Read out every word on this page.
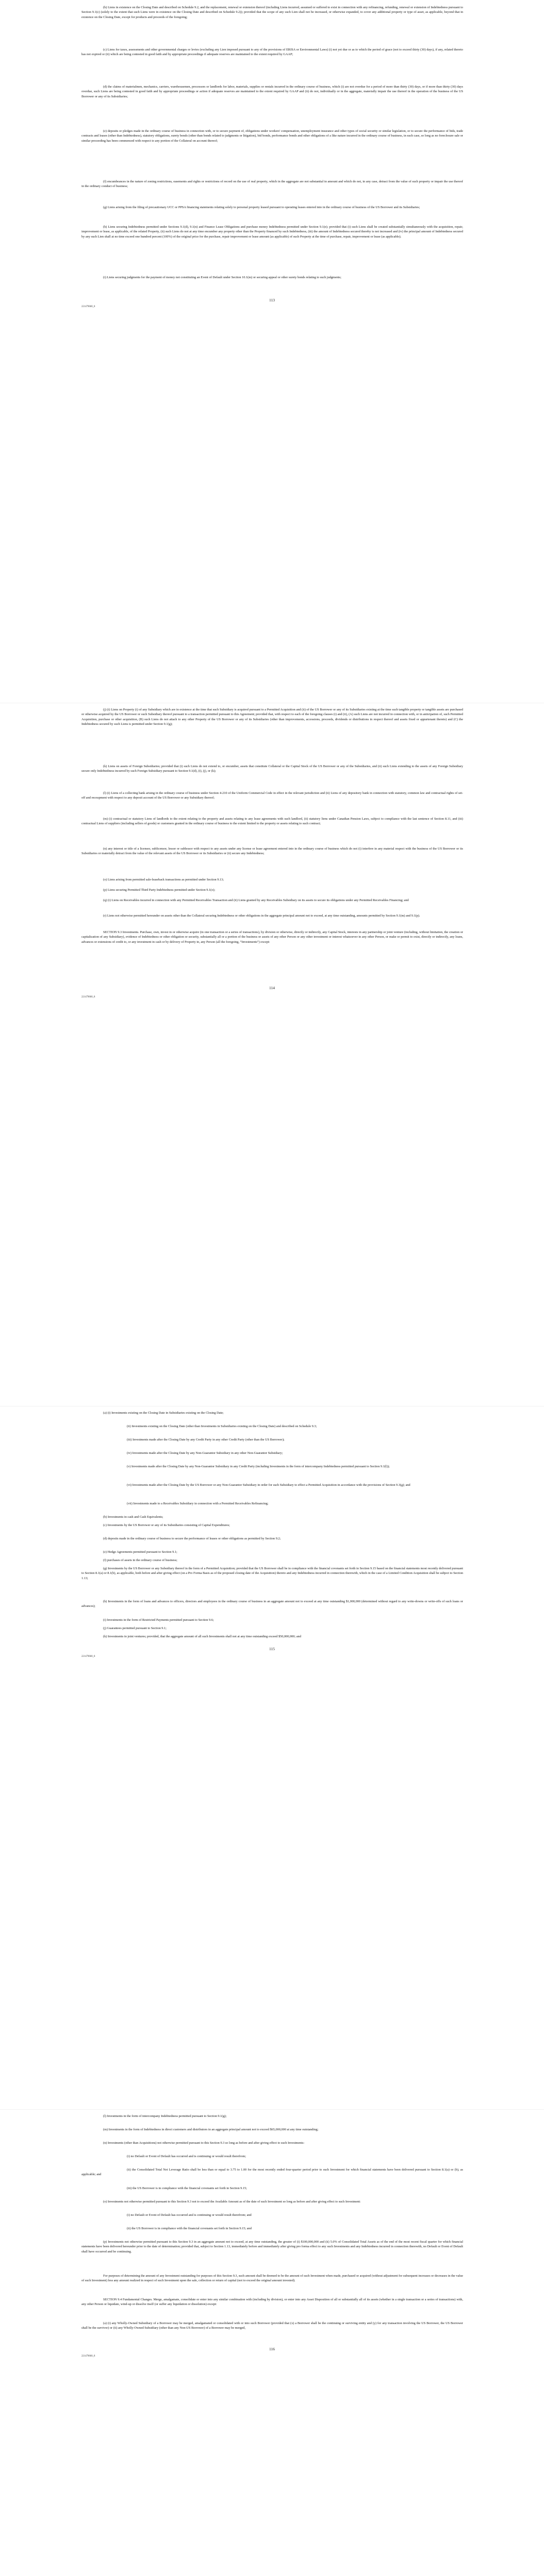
(b) Liens in existence on the Closing Date and described on Schedule 9.2, and the replacement, renewal or extension thereof (including Liens incurred, assumed or suffered to exist in connection with any refinancing, refunding, renewal or extension of Indebtedness pursuant to Section 9.1(c) (solely to the extent that such Liens were in existence on the Closing Date and described on Schedule 9.2)); provided that the scope of any such Lien shall not be increased, or otherwise expanded, to cover any additional property or type of asset, as applicable, beyond that in existence on the Closing Date, except for products and proceeds of the foregoing;
(c) Liens for taxes, assessments and other governmental charges or levies (excluding any Lien imposed pursuant to any of the provisions of ERISA or Environmental Laws) (i) not yet due or as to which the period of grace (not to exceed thirty (30) days), if any, related thereto has not expired or (ii) which are being contested in good faith and by appropriate proceedings if adequate reserves are maintained to the extent required by GAAP;
(d) the claims of materialmen, mechanics, carriers, warehousemen, processors or landlords for labor, materials, supplies or rentals incurred in the ordinary course of business, which (i) are not overdue for a period of more than thirty (30) days, or if more than thirty (30) days overdue, such Liens are being contested in good faith and by appropriate proceedings or action if adequate reserves are maintained to the extent required by GAAP and (ii) do not, individually or in the aggregate, materially impair the use thereof in the operation of the business of the US Borrower or any of its Subsidiaries;
(e) deposits or pledges made in the ordinary course of business in connection with, or to secure payment of, obligations under workers' compensation, unemployment insurance and other types of social security or similar legislation, or to secure the performance of bids, trade contracts and leases (other than Indebtedness), statutory obligations, surety bonds (other than bonds related to judgments or litigation), bid bonds, performance bonds and other obligations of a like nature incurred in the ordinary course of business, in each case, so long as no foreclosure sale or similar proceeding has been commenced with respect to any portion of the Collateral on account thereof;
(f) encumbrances in the nature of zoning restrictions, easements and rights or restrictions of record on the use of real property, which in the aggregate are not substantial in amount and which do not, in any case, detract from the value of such property or impair the use thereof in the ordinary conduct of business;
(g) Liens arising from the filing of precautionary UCC or PPSA financing statements relating solely to personal property leased pursuant to operating leases entered into in the ordinary course of business of the US Borrower and its Subsidiaries;
(h) Liens securing Indebtedness permitted under Sections 9.1(d), 9.1(n) and Finance Lease Obligations and purchase money Indebtedness permitted under Section 9.1(e); provided that (i) such Liens shall be created substantially simultaneously with the acquisition, repair, improvement or lease, as applicable, of the related Property, (ii) such Liens do not at any time encumber any property other than the Property financed by such Indebtedness, (iii) the amount of Indebtedness secured thereby is not increased and (iv) the principal amount of Indebtedness secured by any such Lien shall at no time exceed one hundred percent (100%) of the original price for the purchase, repair improvement or lease amount (as applicable) of such Property at the time of purchase, repair, improvement or lease (as applicable);
(i) Liens securing judgments for the payment of money not constituting an Event of Default under Section 10.1(m) or securing appeal or other surety bonds relating to such judgments;
113
221479600_8
(j) (i) Liens on Property (i) of any Subsidiary which are in existence at the time that such Subsidiary is acquired pursuant to a Permitted Acquisition and (ii) of the US Borrower or any of its Subsidiaries existing at the time such tangible property or tangible assets are purchased or otherwise acquired by the US Borrower or such Subsidiary thereof pursuant to a transaction permitted pursuant to this Agreement; provided that, with respect to each of the foregoing clauses (i) and (ii), (A) such Liens are not incurred in connection with, or in anticipation of, such Permitted Acquisition, purchase or other acquisition, (B) such Liens do not attach to any other Property of the US Borrower or any of its Subsidiaries (other than improvements, accessions, proceeds, dividends or distributions in respect thereof and assets fixed or appurtenant thereto) and (C) the Indebtedness secured by such Liens is permitted under Section 9.1(g);
(k) Liens on assets of Foreign Subsidiaries; provided that (i) such Liens do not extend to, or encumber, assets that constitute Collateral or the Capital Stock of the US Borrower or any of the Subsidiaries, and (ii) such Liens extending to the assets of any Foreign Subsidiary secure only Indebtedness incurred by such Foreign Subsidiary pursuant to Section 9.1(d), (i), (j), or (k);
(l) (i) Liens of a collecting bank arising in the ordinary course of business under Section 4-210 of the Uniform Commercial Code in effect in the relevant jurisdiction and (ii) Liens of any depository bank in connection with statutory, common law and contractual rights of set-off and recoupment with respect to any deposit account of the US Borrower or any Subsidiary thereof;
(m) (i) contractual or statutory Liens of landlords to the extent relating to the property and assets relating to any lease agreements with such landlord, (ii) statutory liens under Canadian Pension Laws, subject to compliance with the last sentence of Section 8.11, and (iii) contractual Liens of suppliers (including sellers of goods) or customers granted in the ordinary course of business to the extent limited to the property or assets relating to such contract;
(n) any interest or title of a licensor, sublicensor, lessor or sublessor with respect to any assets under any license or lease agreement entered into in the ordinary course of business which do not (i) interfere in any material respect with the business of the US Borrower or its Subsidiaries or materially detract from the value of the relevant assets of the US Borrower or its Subsidiaries or (ii) secure any Indebtedness;
(o) Liens arising from permitted sale-leaseback transactions as permitted under Section 9.13;
(p) Liens securing Permitted Third Party Indebtedness permitted under Section 9.1(o);
(q) (i) Liens on Receivables incurred in connection with any Permitted Receivables Transaction and (ii) Liens granted by any Receivables Subsidiary on its assets to secure its obligations under any Permitted Receivables Financing; and
(r) Liens not otherwise permitted hereunder on assets other than the Collateral securing Indebtedness or other obligations in the aggregate principal amount not to exceed, at any time outstanding, amounts permitted by Section 9.1(m) and 9.1(p).
SECTION 9.3 Investments. Purchase, own, invest in or otherwise acquire (in one transaction or a series of transactions), by division or otherwise, directly or indirectly, any Capital Stock, interests in any partnership or joint venture (including, without limitation, the creation or capitalization of any Subsidiary), evidence of Indebtedness or other obligation or security, substantially all or a portion of the business or assets of any other Person or any other investment or interest whatsoever in any other Person, or make or permit to exist, directly or indirectly, any loans, advances or extensions of credit to, or any investment in cash or by delivery of Property in, any Person (all the foregoing, “Investments”) except:
114
221479600_8
(a) (i) Investments existing on the Closing Date in Subsidiaries existing on the Closing Date;
(ii) Investments existing on the Closing Date (other than Investments in Subsidiaries existing on the Closing Date) and described on Schedule 9.3;
(iii) Investments made after the Closing Date by any Credit Party in any other Credit Party (other than the US Borrower);
(iv) Investments made after the Closing Date by any Non-Guarantor Subsidiary in any other Non-Guarantor Subsidiary;
(v) Investments made after the Closing Date by any Non-Guarantor Subsidiary in any Credit Party (including Investments in the form of intercompany Indebtedness permitted pursuant to Section 9.1(l));
(vi) Investments made after the Closing Date by the US Borrower or any Non-Guarantor Subsidiary in order for such Subsidiary to effect a Permitted Acquisition in accordance with the provisions of Section 9.3(g); and
(vii) Investments made to a Receivables Subsidiary in connection with a Permitted Receivables Refinancing;
(b) Investments in cash and Cash Equivalents;
(c) Investments by the US Borrower or any of its Subsidiaries consisting of Capital Expenditures;
(d) deposits made in the ordinary course of business to secure the performance of leases or other obligations as permitted by Section 9.2;
(e) Hedge Agreements permitted pursuant to Section 9.1;
(f) purchases of assets in the ordinary course of business;
(g) Investments by the US Borrower or any Subsidiary thereof in the form of a Permitted Acquisition; provided that the US Borrower shall be in compliance with the financial covenants set forth in Section 9.15 based on the financial statements most recently delivered pursuant to Section 8.1(a) or 8.1(b), as applicable, both before and after giving effect (on a Pro Forma Basis as of the proposed closing date of the Acquisition) thereto and any Indebtedness incurred in connection therewith, which in the case of a Limited Condition Acquisition shall be subject to Section 1.13;
(h) Investments in the form of loans and advances to officers, directors and employees in the ordinary course of business in an aggregate amount not to exceed at any time outstanding $1,000,000 (determined without regard to any write-downs or write-offs of such loans or advances);
(i) Investments in the form of Restricted Payments permitted pursuant to Section 9.6;
(j) Guarantees permitted pursuant to Section 9.1;
(k) Investments in joint ventures; provided, that the aggregate amount of all such Investments shall not at any time outstanding exceed $50,000,000; and
115
221479600_8
(l) Investments in the form of intercompany Indebtedness permitted pursuant to Section 9.1(g);
(m) Investments in the form of Indebtedness in direct customers and distributors in an aggregate principal amount not to exceed $65,000,000 at any time outstanding;
(n) Investments (other than Acquisitions) not otherwise permitted pursuant to this Section 9.3 so long as before and after giving effect to such Investments:
(i) no Default or Event of Default has occurred and is continuing or would result therefrom;
(ii) the Consolidated Total Net Leverage Ratio shall be less than or equal to 3.75 to 1.00 for the most recently ended four-quarter period prior to such Investment for which financial statements have been delivered pursuant to Section 8.1(a) or (b), as applicable; and
(iii) the US Borrower is in compliance with the financial covenants set forth in Section 9.15;
(o) Investments not otherwise permitted pursuant to this Section 9.3 not to exceed the Available Amount as of the date of such Investment so long as before and after giving effect to such Investment:
(i) no Default or Event of Default has occurred and is continuing or would result therefrom; and
(ii) the US Borrower is in compliance with the financial covenants set forth in Section 9.15; and
(p) Investments not otherwise permitted pursuant to this Section 9.3 in an aggregate amount not to exceed, at any time outstanding, the greater of (i) $100,000,000 and (ii) 5.0% of Consolidated Total Assets as of the end of the most recent fiscal quarter for which financial statements have been delivered hereunder prior to the date of determination; provided that, subject to Section 1.13, immediately before and immediately after giving pro forma effect to any such Investments and any Indebtedness incurred in connection therewith, no Default or Event of Default shall have occurred and be continuing.
For purposes of determining the amount of any Investment outstanding for purposes of this Section 9.3, such amount shall be deemed to be the amount of such Investment when made, purchased or acquired (without adjustment for subsequent increases or decreases in the value of such Investment) less any amount realized in respect of such Investment upon the sale, collection or return of capital (not to exceed the original amount invested).
SECTION 9.4 Fundamental Changes. Merge, amalgamate, consolidate or enter into any similar combination with (including by division), or enter into any Asset Disposition of all or substantially all of its assets (whether in a single transaction or a series of transactions) with, any other Person or liquidate, wind-up or dissolve itself (or suffer any liquidation or dissolution) except:
(a) (i) any Wholly-Owned Subsidiary of a Borrower may be merged, amalgamated or consolidated with or into such Borrower (provided that (x) a Borrower shall be the continuing or surviving entity and (y) for any transaction involving the US Borrower, the US Borrower shall be the survivor) or (ii) any Wholly-Owned Subsidiary (other than any Non-US Borrower) of a Borrower may be merged,
116
221479600_8
